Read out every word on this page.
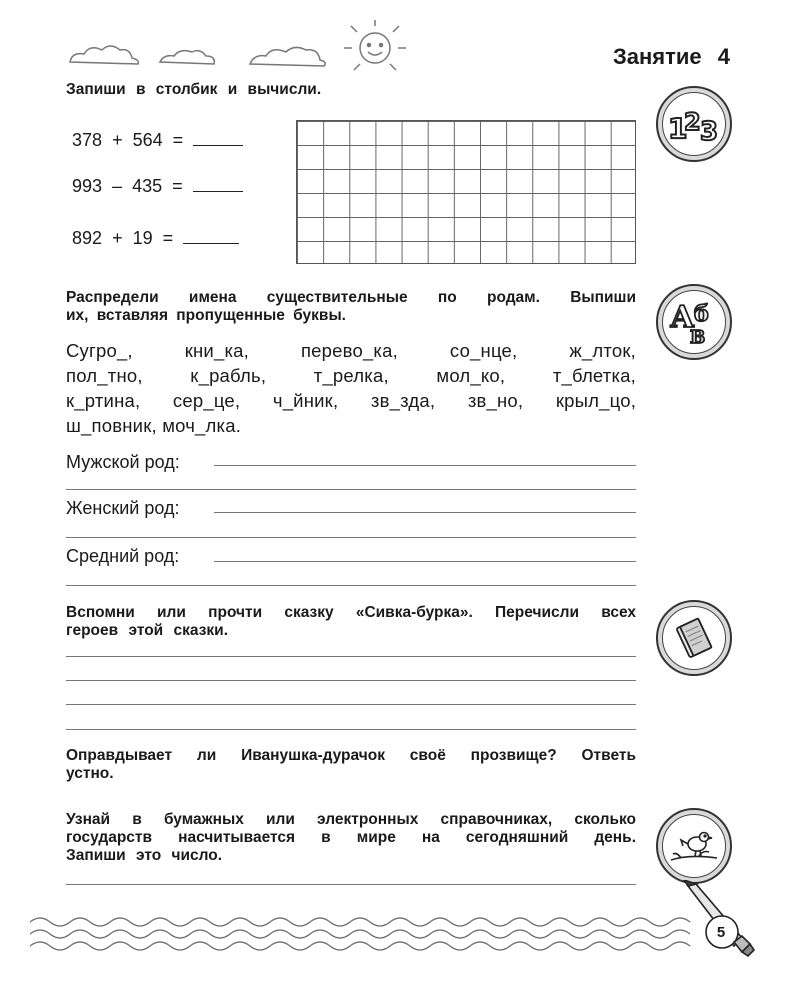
Занятие 4
Запиши в столбик и вычисли.
378 + 564 =
993 – 435 =
892 + 19 =
1
2 3
Распредели имена существительные по родам. Выпиши
их, вставляя пропущенные буквы.	А б
В
Сугро_,	кни_ка,	перево_ка,	со_нце,	ж_лток,
пол_тно,	к_рабль,	т_релка,	мол_ко,	т_блетка,
к_ртина, сер_це, ч_йник, зв_зда, зв_но, крыл_цо,
ш_повник, моч_лка.
Мужской род:
Женский род:
Средний род:
Вспомни или прочти сказку «Сивка-бурка». Перечисли всех
героев этой сказки.
Оправдывает ли Иванушка-дурачок своё прозвище? Ответь
устно.
Узнай в бумажных или электронных справочниках, сколько
государств насчитывается в мире на сегодняшний день.
Запиши это число.
5
